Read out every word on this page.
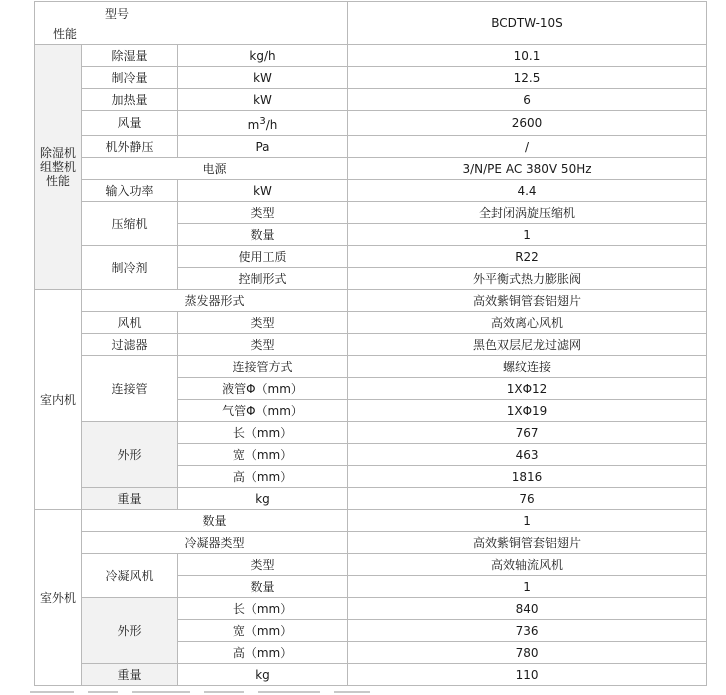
型号
性能			BCDTW-10S
除湿机
组整机
性能	除湿量	kg/h	10.1
	制冷量	kW	12.5
	加热量	kW	6
	风量	$m^3/h$	2600
	机外静压	Pa	/
	电源		3/N/PE AC 380V 50Hz
	输入功率	kW	4.4
	压缩机	类型	全封闭涡旋压缩机
		数量	1
	制冷剂	使用工质	R22
		控制形式	外平衡式热力膨胀阀
室内机	蒸发器形式		高效紫铜管套铝翅片
	风机	类型	高效离心风机
	过滤器	类型	黑色双层尼龙过滤网
	连接管	连接管方式	螺纹连接
		液管Φ（mm）	1XΦ12
		气管Φ（mm）	1XΦ19
	外形	长（mm）	767
		宽（mm）	463
		高（mm）	1816
	重量	kg	76
室外机	数量		1
	冷凝器类型		高效紫铜管套铝翅片
	冷凝风机	类型	高效轴流风机
		数量	1
	外形	长（mm）	840
		宽（mm）	736
		高（mm）	780
	重量	kg	110
